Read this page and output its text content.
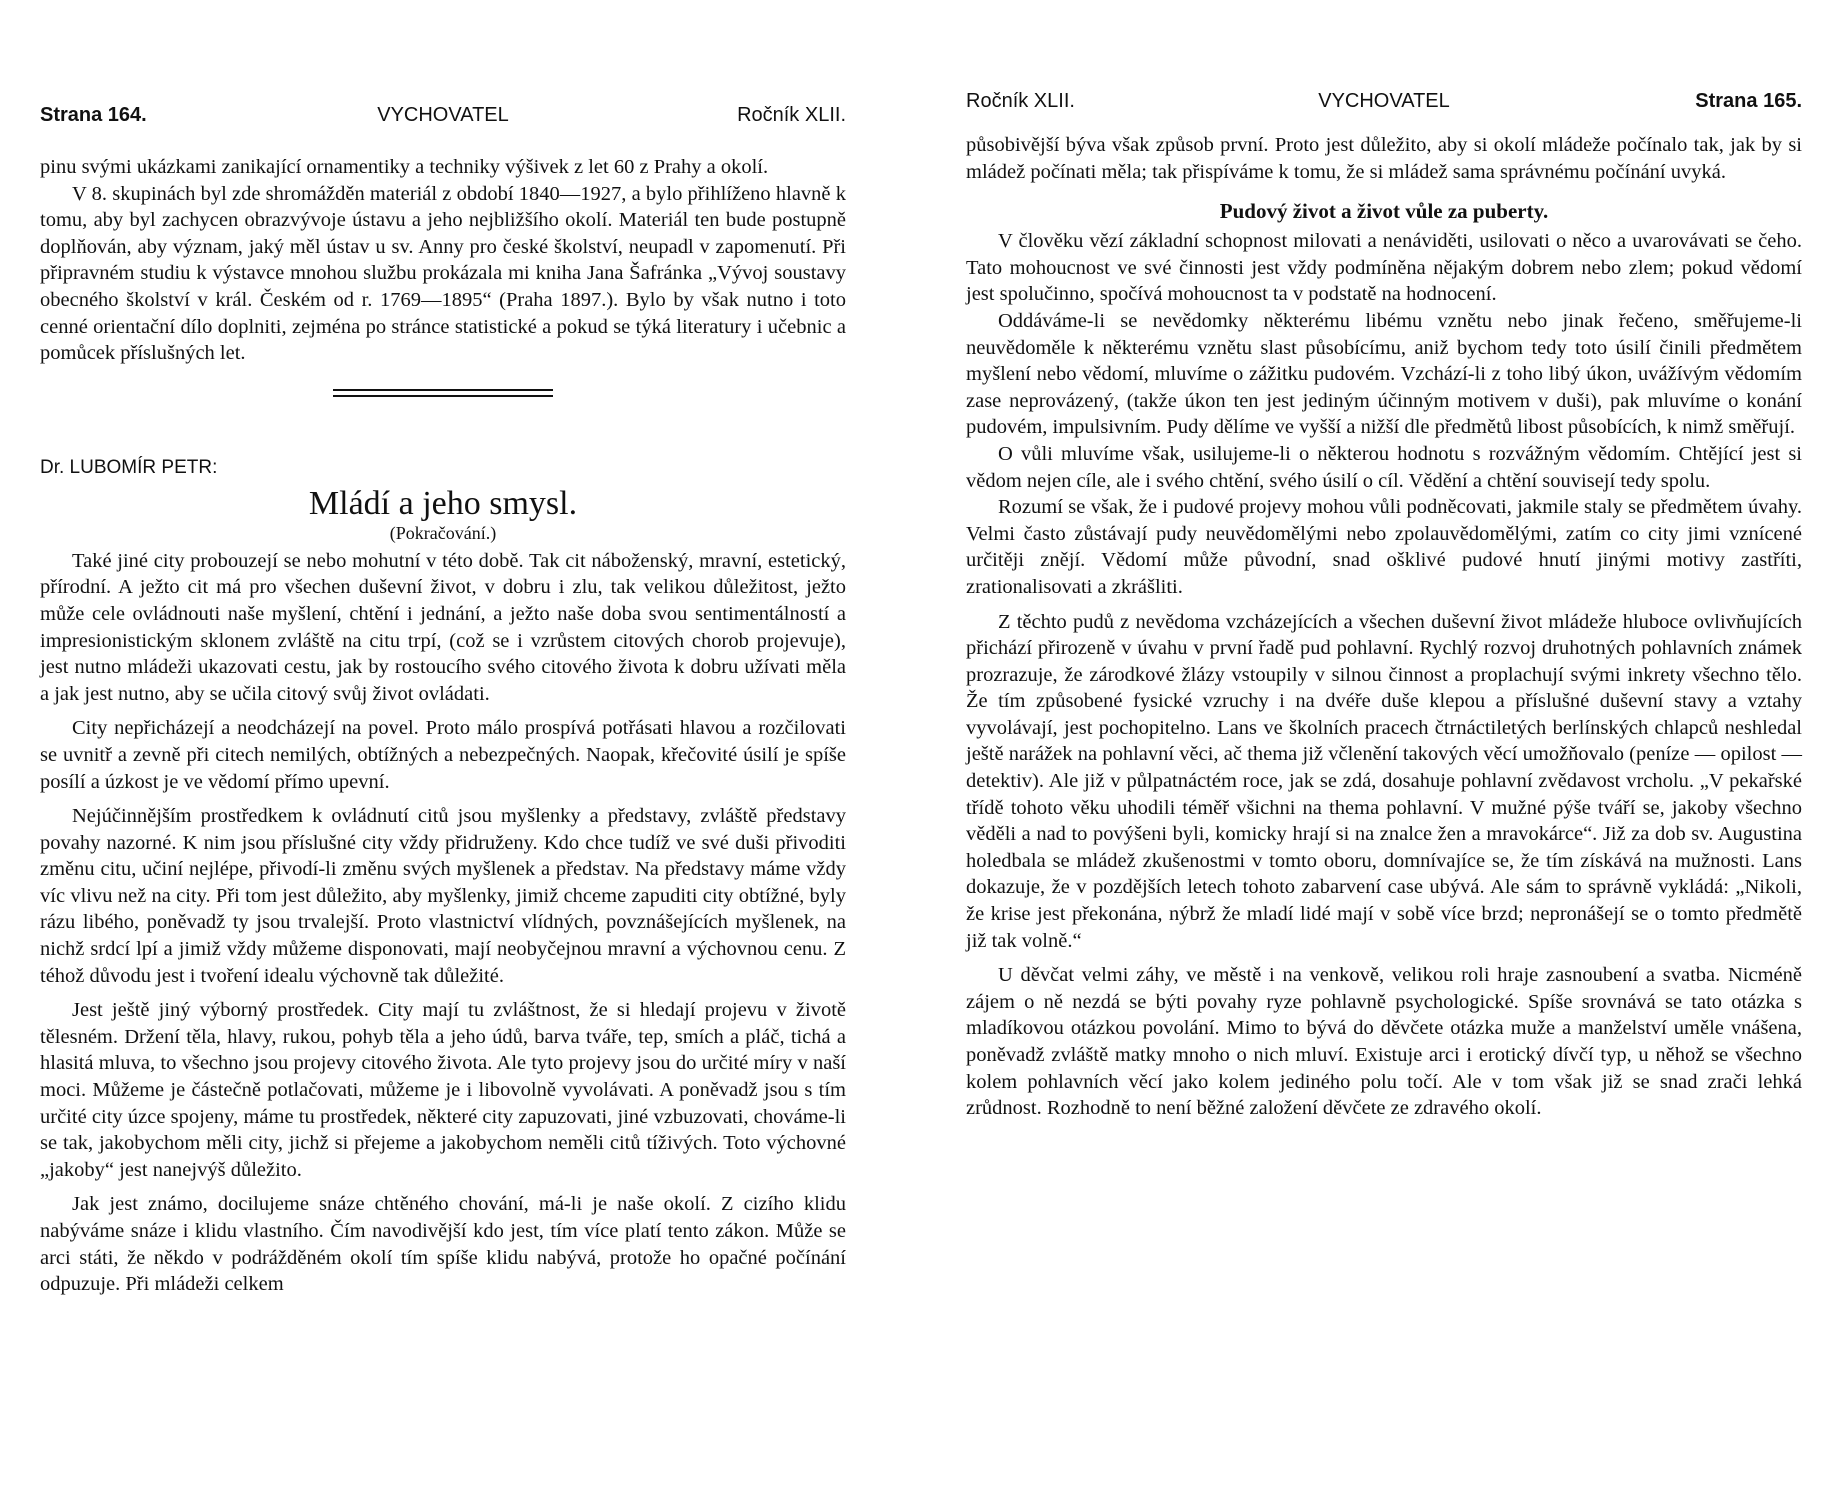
Strana 164.	VYCHOVATEL	Ročník XLII.

pinu svými ukázkami zanikající ornamentiky a techniky výšivek z let 60 z Prahy a okolí.

V 8. skupinách byl zde shromážděn materiál z období 1840—1927, a bylo přihlíženo hlavně k tomu, aby byl zachycen obrazvývoje ústavu a jeho nejbližšího okolí. Materiál ten bude postupně doplňován, aby význam, jaký měl ústav u sv. Anny pro české školství, neupadl v zapomenutí. Při připravném studiu k výstavce mnohou službu prokázala mi kniha Jana Šafránka „Vývoj soustavy obecného školství v král. Českém od r. 1769—1895“ (Praha 1897.). Bylo by však nutno i toto cenné orientační dílo doplniti, zejména po stránce statistické a pokud se týká literatury i učebnic a pomůcek příslušných let.

Dr. LUBOMÍR PETR:
Mládí a jeho smysl.
(Pokračování.)

Také jiné city probouzejí se nebo mohutní v této době. Tak cit náboženský, mravní, estetický, přírodní. A ježto cit má pro všechen duševní život, v dobru i zlu, tak velikou důležitost, ježto může cele ovládnouti naše myšlení, chtění i jednání, a ježto naše doba svou sentimentálností a impresionistickým sklonem zvláště na citu trpí, (což se i vzrůstem citových chorob projevuje), jest nutno mládeži ukazovati cestu, jak by rostoucího svého citového života k dobru užívati měla a jak jest nutno, aby se učila citový svůj život ovládati.

City nepřicházejí a neodcházejí na povel. Proto málo prospívá potřásati hlavou a rozčilovati se uvnitř a zevně při citech nemilých, obtížných a nebezpečných. Naopak, křečovité úsilí je spíše posílí a úzkost je ve vědomí přímo upevní.

Nejúčinnějším prostředkem k ovládnutí citů jsou myšlenky a představy, zvláště představy povahy nazorné. K nim jsou příslušné city vždy přidruženy. Kdo chce tudíž ve své duši přivoditi změnu citu, učiní nejlépe, přivodí-li změnu svých myšlenek a představ. Na představy máme vždy víc vlivu než na city. Při tom jest důležito, aby myšlenky, jimiž chceme zapuditi city obtížné, byly rázu libého, poněvadž ty jsou trvalejší. Proto vlastnictví vlídných, povznášejících myšlenek, na nichž srdcí lpí a jimiž vždy můžeme disponovati, mají neobyčejnou mravní a výchovnou cenu. Z téhož důvodu jest i tvoření idealu výchovně tak důležité.

Jest ještě jiný výborný prostředek. City mají tu zvláštnost, že si hledají projevu v životě tělesném. Držení těla, hlavy, rukou, pohyb těla a jeho údů, barva tváře, tep, smích a pláč, tichá a hlasitá mluva, to všechno jsou projevy citového života. Ale tyto projevy jsou do určité míry v naší moci. Můžeme je částečně potlačovati, můžeme je i libovolně vyvolávati. A poněvadž jsou s tím určité city úzce spojeny, máme tu prostředek, některé city zapuzovati, jiné vzbuzovati, chováme-li se tak, jakobychom měli city, jichž si přejeme a jakobychom neměli citů tíživých. Toto výchovné „jakoby“ jest nanejvýš důležito.

Jak jest známo, docilujeme snáze chtěného chování, má-li je naše okolí. Z cizího klidu nabýváme snáze i klidu vlastního. Čím navodivější kdo jest, tím více platí tento zákon. Může se arci státi, že někdo v podrážděném okolí tím spíše klidu nabývá, protože ho opačné počínání odpuzuje. Při mládeži celkem

Ročník XLII.	VYCHOVATEL	Strana 165.

působivější býva však způsob první. Proto jest důležito, aby si okolí mládeže počínalo tak, jak by si mládež počínati měla; tak přispíváme k tomu, že si mládež sama správnému počínání uvyká.

Pudový život a život vůle za puberty.

V člověku vězí základní schopnost milovati a nenáviděti, usilovati o něco a uvarovávati se čeho. Tato mohoucnost ve své činnosti jest vždy podmíněna nějakým dobrem nebo zlem; pokud vědomí jest spolučinno, spočívá mohoucnost ta v podstatě na hodnocení.

Oddáváme-li se nevědomky některému libému vznětu nebo jinak řečeno, směřujeme-li neuvědoměle k některému vznětu slast působícímu, aniž bychom tedy toto úsilí činili předmětem myšlení nebo vědomí, mluvíme o zážitku pudovém. Vzchází-li z toho libý úkon, uvážívým vědomím zase neprovázený, (takže úkon ten jest jediným účinným motivem v duši), pak mluvíme o konání pudovém, impulsivním. Pudy dělíme ve vyšší a nižší dle předmětů libost působících, k nimž směřují.

O vůli mluvíme však, usilujeme-li o některou hodnotu s rozvážným vědomím. Chtějící jest si vědom nejen cíle, ale i svého chtění, svého úsilí o cíl. Vědění a chtění souvisejí tedy spolu.

Rozumí se však, že i pudové projevy mohou vůli podněcovati, jakmile staly se předmětem úvahy. Velmi často zůstávají pudy neuvědomělými nebo zpolauvědomělými, zatím co city jimi vznícené určitěji znějí. Vědomí může původní, snad ošklivé pudové hnutí jinými motivy zastříti, zrationalisovati a zkrášliti.

Z těchto pudů z nevědoma vzcházejících a všechen duševní život mládeže hluboce ovlivňujících přichází přirozeně v úvahu v první řadě pud pohlavní. Rychlý rozvoj druhotných pohlavních známek prozrazuje, že zárodkové žlázy vstoupily v silnou činnost a proplachují svými inkrety všechno tělo. Že tím způsobené fysické vzruchy i na dvéře duše klepou a příslušné duševní stavy a vztahy vyvolávají, jest pochopitelno. Lans ve školních pracech čtrnáctiletých berlínských chlapců neshledal ještě narážek na pohlavní věci, ač thema již včlenění takových věcí umožňovalo (peníze — opilost — detektiv). Ale již v půlpatnáctém roce, jak se zdá, dosahuje pohlavní zvědavost vrcholu. „V pekařské třídě tohoto věku uhodili téměř všichni na thema pohlavní. V mužné pýše tváří se, jakoby všechno věděli a nad to povýšeni byli, komicky hrají si na znalce žen a mravokárce“. Již za dob sv. Augustina holedbala se mládež zkušenostmi v tomto oboru, domnívajíce se, že tím získává na mužnosti. Lans dokazuje, že v pozdějších letech tohoto zabarvení case ubývá. Ale sám to správně vykládá: „Nikoli, že krise jest překonána, nýbrž že mladí lidé mají v sobě více brzd; nepronášejí se o tomto předmětě již tak volně.“

U děvčat velmi záhy, ve městě i na venkově, velikou roli hraje zasnoubení a svatba. Nicméně zájem o ně nezdá se býti povahy ryze pohlavně psychologické. Spíše srovnává se tato otázka s mladíkovou otázkou povolání. Mimo to bývá do děvčete otázka muže a manželství uměle vnášena, poněvadž zvláště matky mnoho o nich mluví. Existuje arci i erotický dívčí typ, u něhož se všechno kolem pohlavních věcí jako kolem jediného polu točí. Ale v tom však již se snad zrači lehká zrůdnost. Rozhodně to není běžné založení děvčete ze zdravého okolí.
